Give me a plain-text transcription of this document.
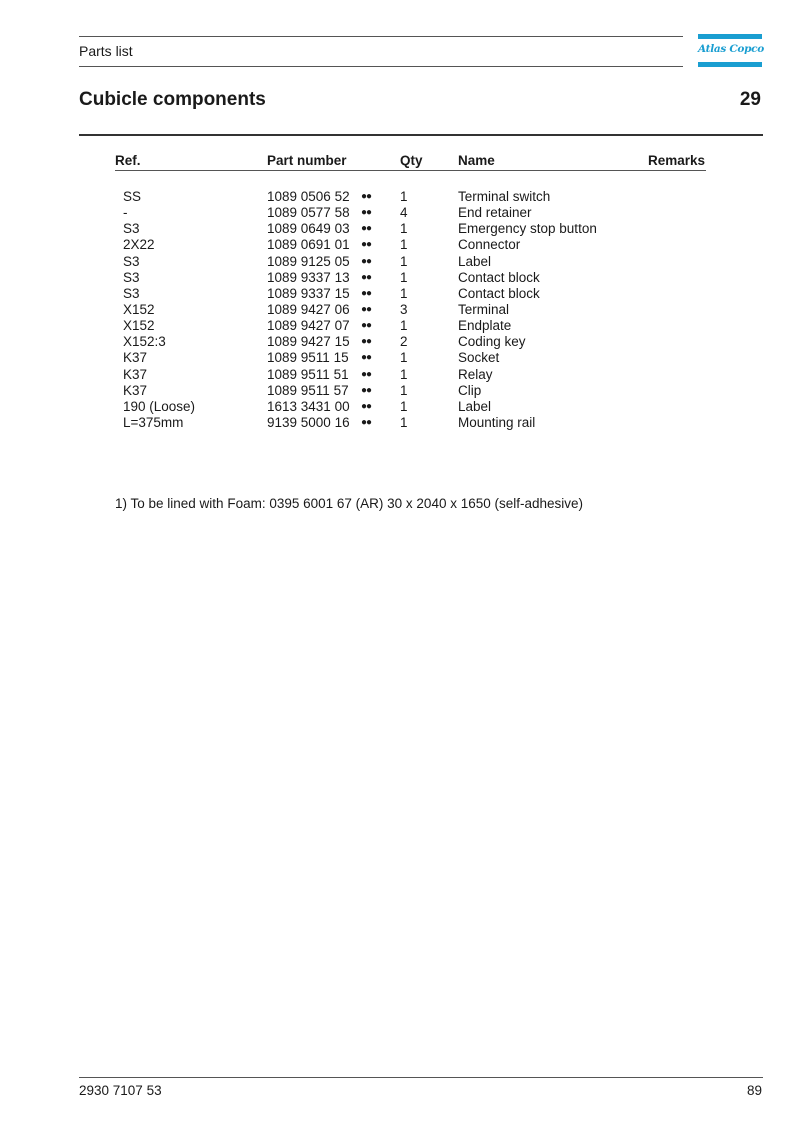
Parts list	Atlas Copco
Cubicle components	29
Ref.	Part number	Qty	Name	Remarks
SS	1089 0506 52 ●● 1	Terminal switch
-	1089 0577 58 ●● 4	End retainer
S3	1089 0649 03 ●● 1	Emergency stop button
2X22	1089 0691 01 ●● 1	Connector
S3	1089 9125 05 ●● 1	Label
S3	1089 9337 13 ●● 1	Contact block
S3	1089 9337 15 ●● 1	Contact block
X152	1089 9427 06 ●● 3	Terminal
X152	1089 9427 07 ●● 1	Endplate
X152:3	1089 9427 15 ●● 2	Coding key
K37	1089 9511 15 ●● 1	Socket
K37	1089 9511 51 ●● 1	Relay
K37	1089 9511 57 ●● 1	Clip
190 (Loose)	1613 3431 00 ●● 1	Label
L=375mm	9139 5000 16 ●● 1	Mounting rail
1) To be lined with Foam: 0395 6001 67 (AR) 30 x 2040 x 1650 (self-adhesive)
2930 7107 53	89
